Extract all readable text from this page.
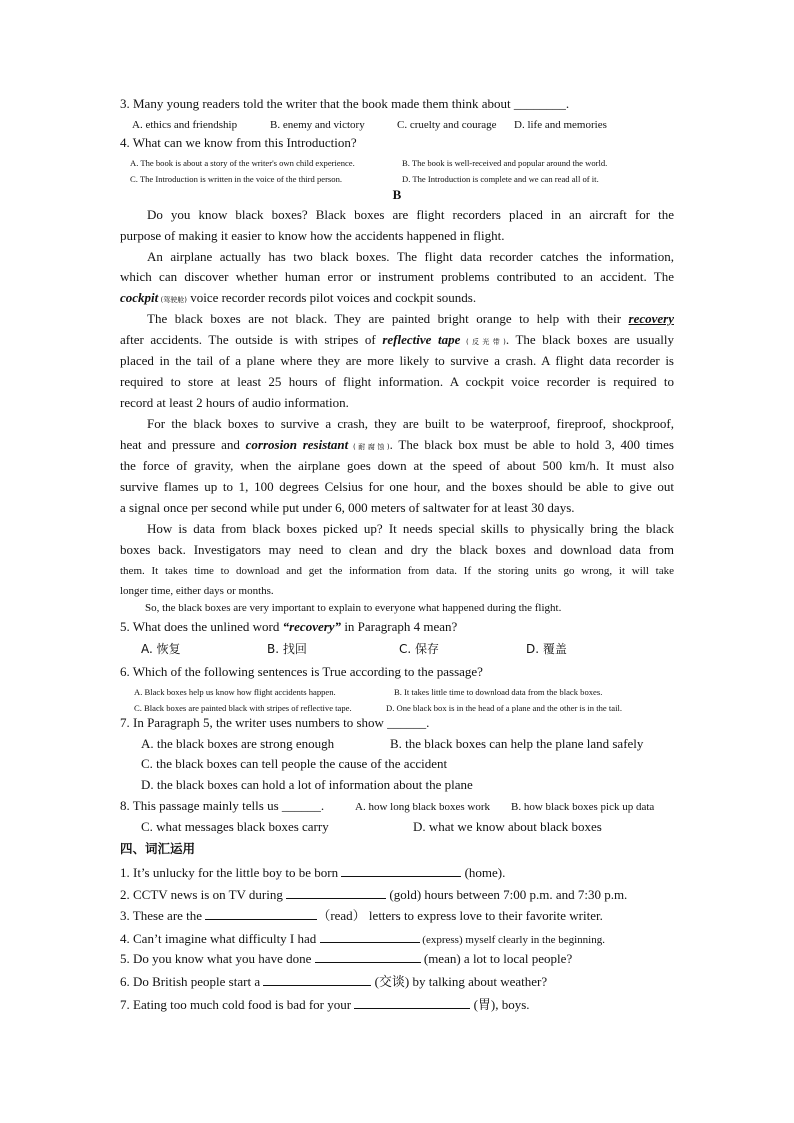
3. Many young readers told the writer that the book made them think about ________.
A. ethics and friendship	B. enemy and victory	C. cruelty and courage D. life and memories
4. What can we know from this Introduction?
A. The book is about a story of the writer's own child experience.	B. The book is well-received and popular around the world.
C. The Introduction is written in the voice of the third person.	D. The Introduction is complete and we can read all of it.
B
Do you know black boxes? Black boxes are flight recorders placed in an aircraft for the
purpose of making it easier to know how the accidents happened in flight.
An airplane actually has two black boxes. The flight data recorder catches the information,
which can discover whether human error or instrument problems contributed to an accident. The
cockpit (驾驶舱) voice recorder records pilot voices and cockpit sounds.
The black boxes are not black. They are painted bright orange to help with their recovery
after accidents. The outside is with stripes of reflective tape (反光带). The black boxes are usually
placed in the tail of a plane where they are more likely to survive a crash. A flight data recorder is
required to store at least 25 hours of flight information. A cockpit voice recorder is required to
record at least 2 hours of audio information.
For the black boxes to survive a crash, they are built to be waterproof, fireproof, shockproof,
heat and pressure and corrosion resistant (耐腐蚀). The black box must be able to hold 3, 400 times
the force of gravity, when the airplane goes down at the speed of about 500 km/h. It must also
survive flames up to 1, 100 degrees Celsius for one hour, and the boxes should be able to give out
a signal once per second while put under 6, 000 meters of saltwater for at least 30 days.
How is data from black boxes picked up? It needs special skills to physically bring the black
boxes back. Investigators may need to clean and dry the black boxes and download data from
them. It takes time to download and get the information from data. If the storing units go wrong, it will take
longer time, either days or months.
So, the black boxes are very important to explain to everyone what happened during the flight.
5. What does the unlined word “recovery” in Paragraph 4 mean?
A. 恢复	B. 找回	C. 保存	D. 覆盖
6. Which of the following sentences is True according to the passage?
A. Black boxes help us know how flight accidents happen.	B. It takes little time to download data from the black boxes.
C. Black boxes are painted black with stripes of reflective tape.	D. One black box is in the head of a plane and the other is in the tail.
7. In Paragraph 5, the writer uses numbers to show ______.
A. the black boxes are strong enough	B. the black boxes can help the plane land safely
C. the black boxes can tell people the cause of the accident
D. the black boxes can hold a lot of information about the plane
8. This passage mainly tells us ______.	A. how long black boxes work B. how black boxes pick up data
C. what messages black boxes carry	D. what we know about black boxes
四、词汇运用
1. It’s unlucky for the little boy to be born	(home).
2. CCTV news is on TV during	(gold) hours between 7:00 p.m. and 7:30 p.m.
3. These are the	（read） letters to express love to their favorite writer.
4. Can’t imagine what difficulty I had	(express) myself clearly in the beginning.
5. Do you know what you have done	(mean) a lot to local people?
6. Do British people start a	(交谈) by talking about weather?
7. Eating too much cold food is bad for your	(胃), boys.
